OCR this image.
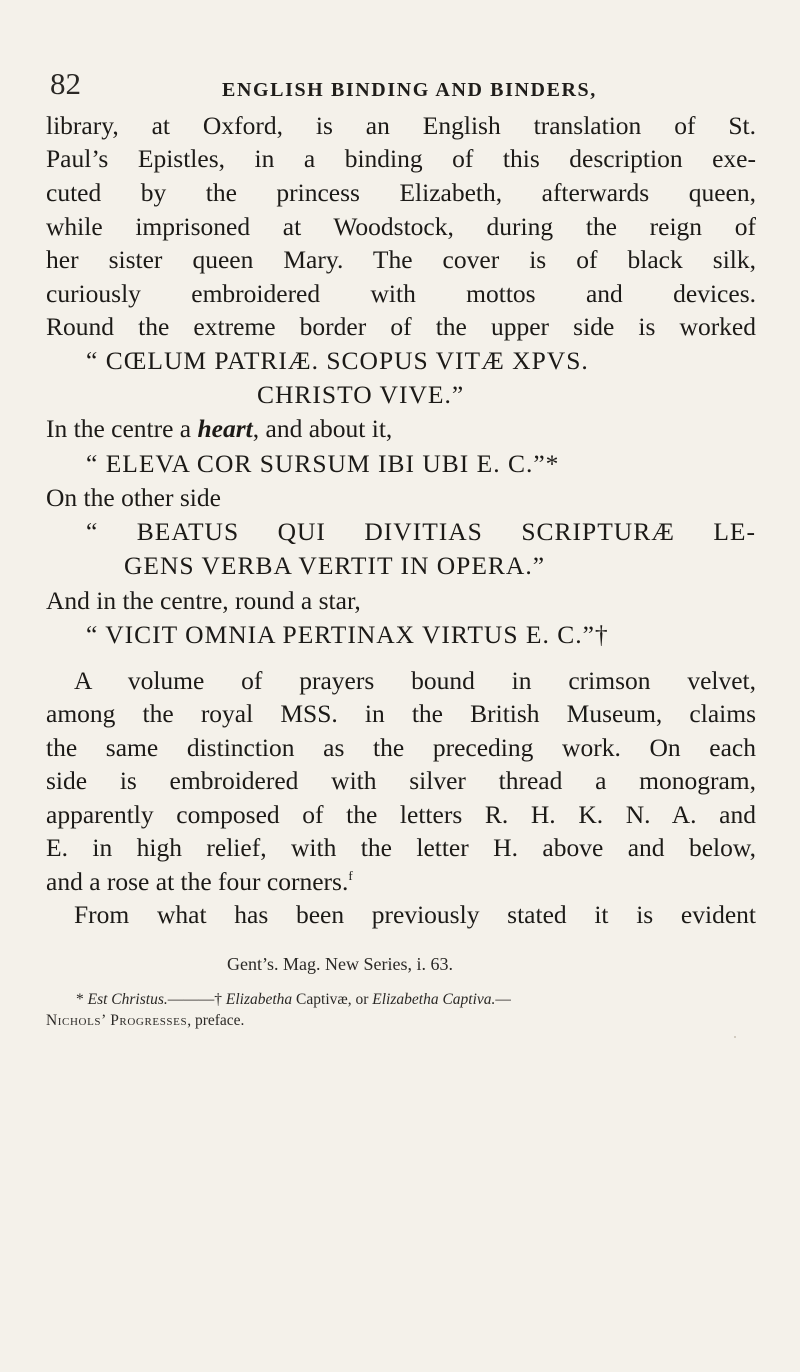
82	ENGLISH BINDING AND BINDERS,
library, at Oxford, is an English translation of St.
Paul’s Epistles, in a binding of this description exe-
cuted by the princess Elizabeth, afterwards queen,
while imprisoned at Woodstock, during the reign of
her sister queen Mary. The cover is of black silk,
curiously embroidered with mottos and devices.
Round the extreme border of the upper side is worked
“ CŒLUM PATRIÆ. SCOPUS VITÆ XPVS.
CHRISTO VIVE.”
In the centre a heart, and about it,
“ ELEVA COR SURSUM IBI UBI E. C.”*
On the other side
“ BEATUS QUI DIVITIAS SCRIPTURÆ LE-
GENS VERBA VERTIT IN OPERA.”
And in the centre, round a star,
“ VICIT OMNIA PERTINAX VIRTUS E. C.”†
A volume of prayers bound in crimson velvet,
among the royal MSS. in the British Museum, claims
the same distinction as the preceding work. On each
side is embroidered with silver thread a monogram,
apparently composed of the letters R. H. K. N. A. and
E. in high relief, with the letter H. above and below,
and a rose at the four corners.$^f$
From what has been previously stated it is evident
Gent’s. Mag. New Series, i. 63.
* Est Christus.———† Elizabetha Captivæ, or Elizabetha Captiva.—
Nichols’ Progresses, preface.
